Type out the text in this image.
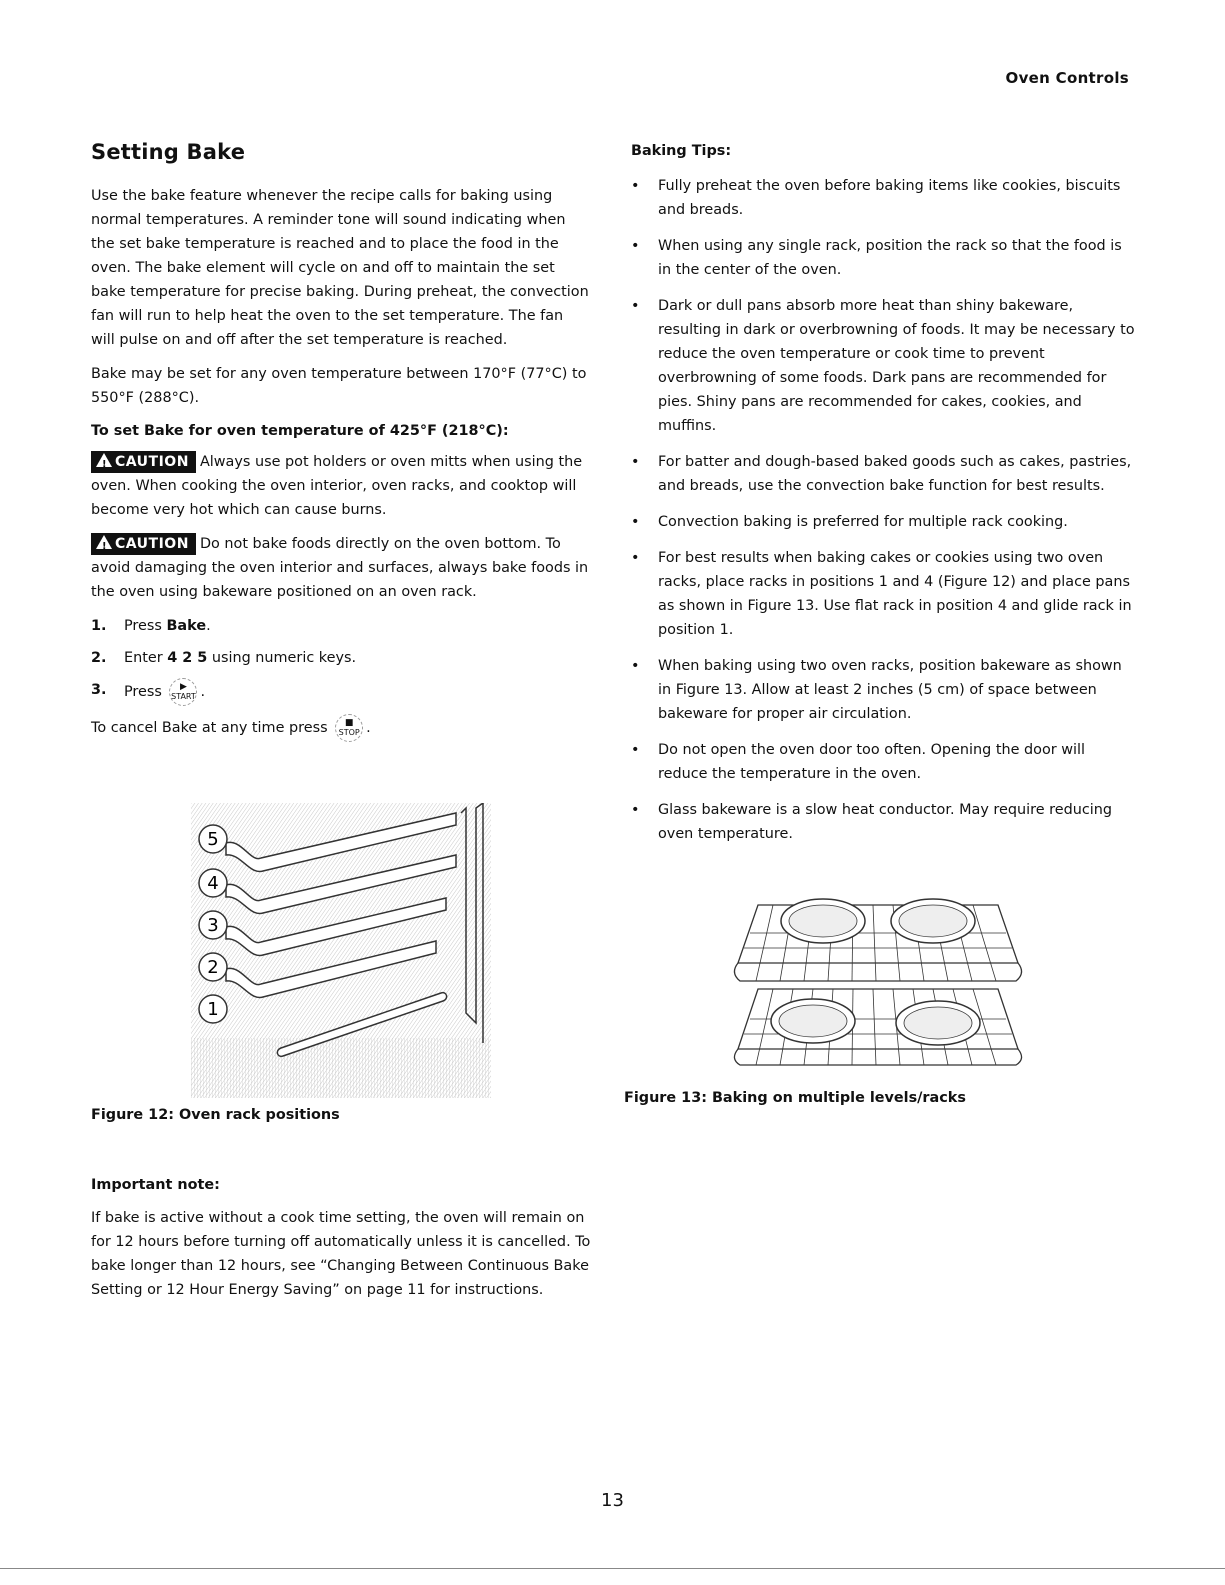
Oven Controls
Setting Bake

Use the bake feature whenever the recipe calls for baking using normal temperatures. A reminder tone will sound indicating when the set bake temperature is reached and to place the food in the oven. The bake element will cycle on and off to maintain the set bake temperature for precise baking. During preheat, the convection fan will run to help heat the oven to the set temperature. The fan will pulse on and off after the set temperature is reached.

Bake may be set for any oven temperature between 170°F (77°C) to 550°F (288°C).

To set Bake for oven temperature of 425°F (218°C):

!CAUTION Always use pot holders or oven mitts when using the oven. When cooking the oven interior, oven racks, and cooktop will become very hot which can cause burns.

!CAUTION Do not bake foods directly on the oven bottom. To avoid damaging the oven interior and surfaces, always bake foods in the oven using bakeware positioned on an oven rack.

1.	Press Bake.
2.	Enter 4 2 5 using numeric keys.
3.	Press	▶
START .

To cancel Bake at any time press	■
STOP .

5
4
3
2
1
Figure 12: Oven rack positions
Important note:

If bake is active without a cook time setting, the oven will remain on for 12 hours before turning off automatically unless it is cancelled. To bake longer than 12 hours, see “Changing Between Continuous Bake Setting or 12 Hour Energy Saving” on page 11 for instructions.

Baking Tips:
• Fully preheat the oven before baking items like cookies, biscuits and breads.
• When using any single rack, position the rack so that the food is in the center of the oven.
• Dark or dull pans absorb more heat than shiny bakeware, resulting in dark or overbrowning of foods. It may be necessary to reduce the oven temperature or cook time to prevent overbrowning of some foods. Dark pans are recommended for pies. Shiny pans are recommended for cakes, cookies, and muffins.
• For batter and dough-based baked goods such as cakes, pastries, and breads, use the convection bake function for best results.
• Convection baking is preferred for multiple rack cooking.
• For best results when baking cakes or cookies using two oven racks, place racks in positions 1 and 4 (Figure 12) and place pans as shown in Figure 13. Use flat rack in position 4 and glide rack in position 1.
• When baking using two oven racks, position bakeware as shown in Figure 13. Allow at least 2 inches (5 cm) of space between bakeware for proper air circulation.
• Do not open the oven door too often. Opening the door will reduce the temperature in the oven.
• Glass bakeware is a slow heat conductor. May require reducing oven temperature.
Figure 13: Baking on multiple levels/racks
13
